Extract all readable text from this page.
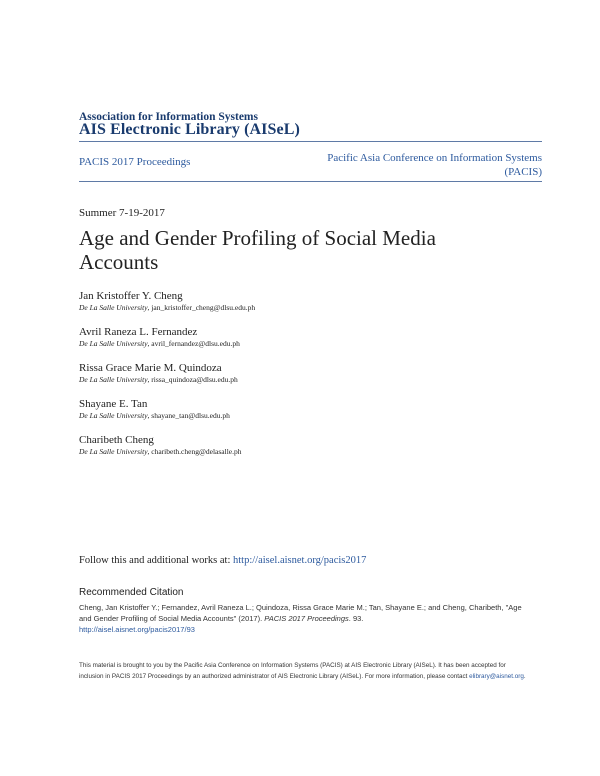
Association for Information Systems
AIS Electronic Library (AISeL)
PACIS 2017 Proceedings	Pacific Asia Conference on Information Systems (PACIS)
Summer 7-19-2017
Age and Gender Profiling of Social Media Accounts
Jan Kristoffer Y. Cheng
De La Salle University, jan_kristoffer_cheng@dlsu.edu.ph
Avril Raneza L. Fernandez
De La Salle University, avril_fernandez@dlsu.edu.ph
Rissa Grace Marie M. Quindoza
De La Salle University, rissa_quindoza@dlsu.edu.ph
Shayane E. Tan
De La Salle University, shayane_tan@dlsu.edu.ph
Charibeth Cheng
De La Salle University, charibeth.cheng@delasalle.ph
Follow this and additional works at: http://aisel.aisnet.org/pacis2017
Recommended Citation
Cheng, Jan Kristoffer Y.; Fernandez, Avril Raneza L.; Quindoza, Rissa Grace Marie M.; Tan, Shayane E.; and Cheng, Charibeth, "Age and Gender Profiling of Social Media Accounts" (2017). PACIS 2017 Proceedings. 93.
http://aisel.aisnet.org/pacis2017/93
This material is brought to you by the Pacific Asia Conference on Information Systems (PACIS) at AIS Electronic Library (AISeL). It has been accepted for inclusion in PACIS 2017 Proceedings by an authorized administrator of AIS Electronic Library (AISeL). For more information, please contact elibrary@aisnet.org.
